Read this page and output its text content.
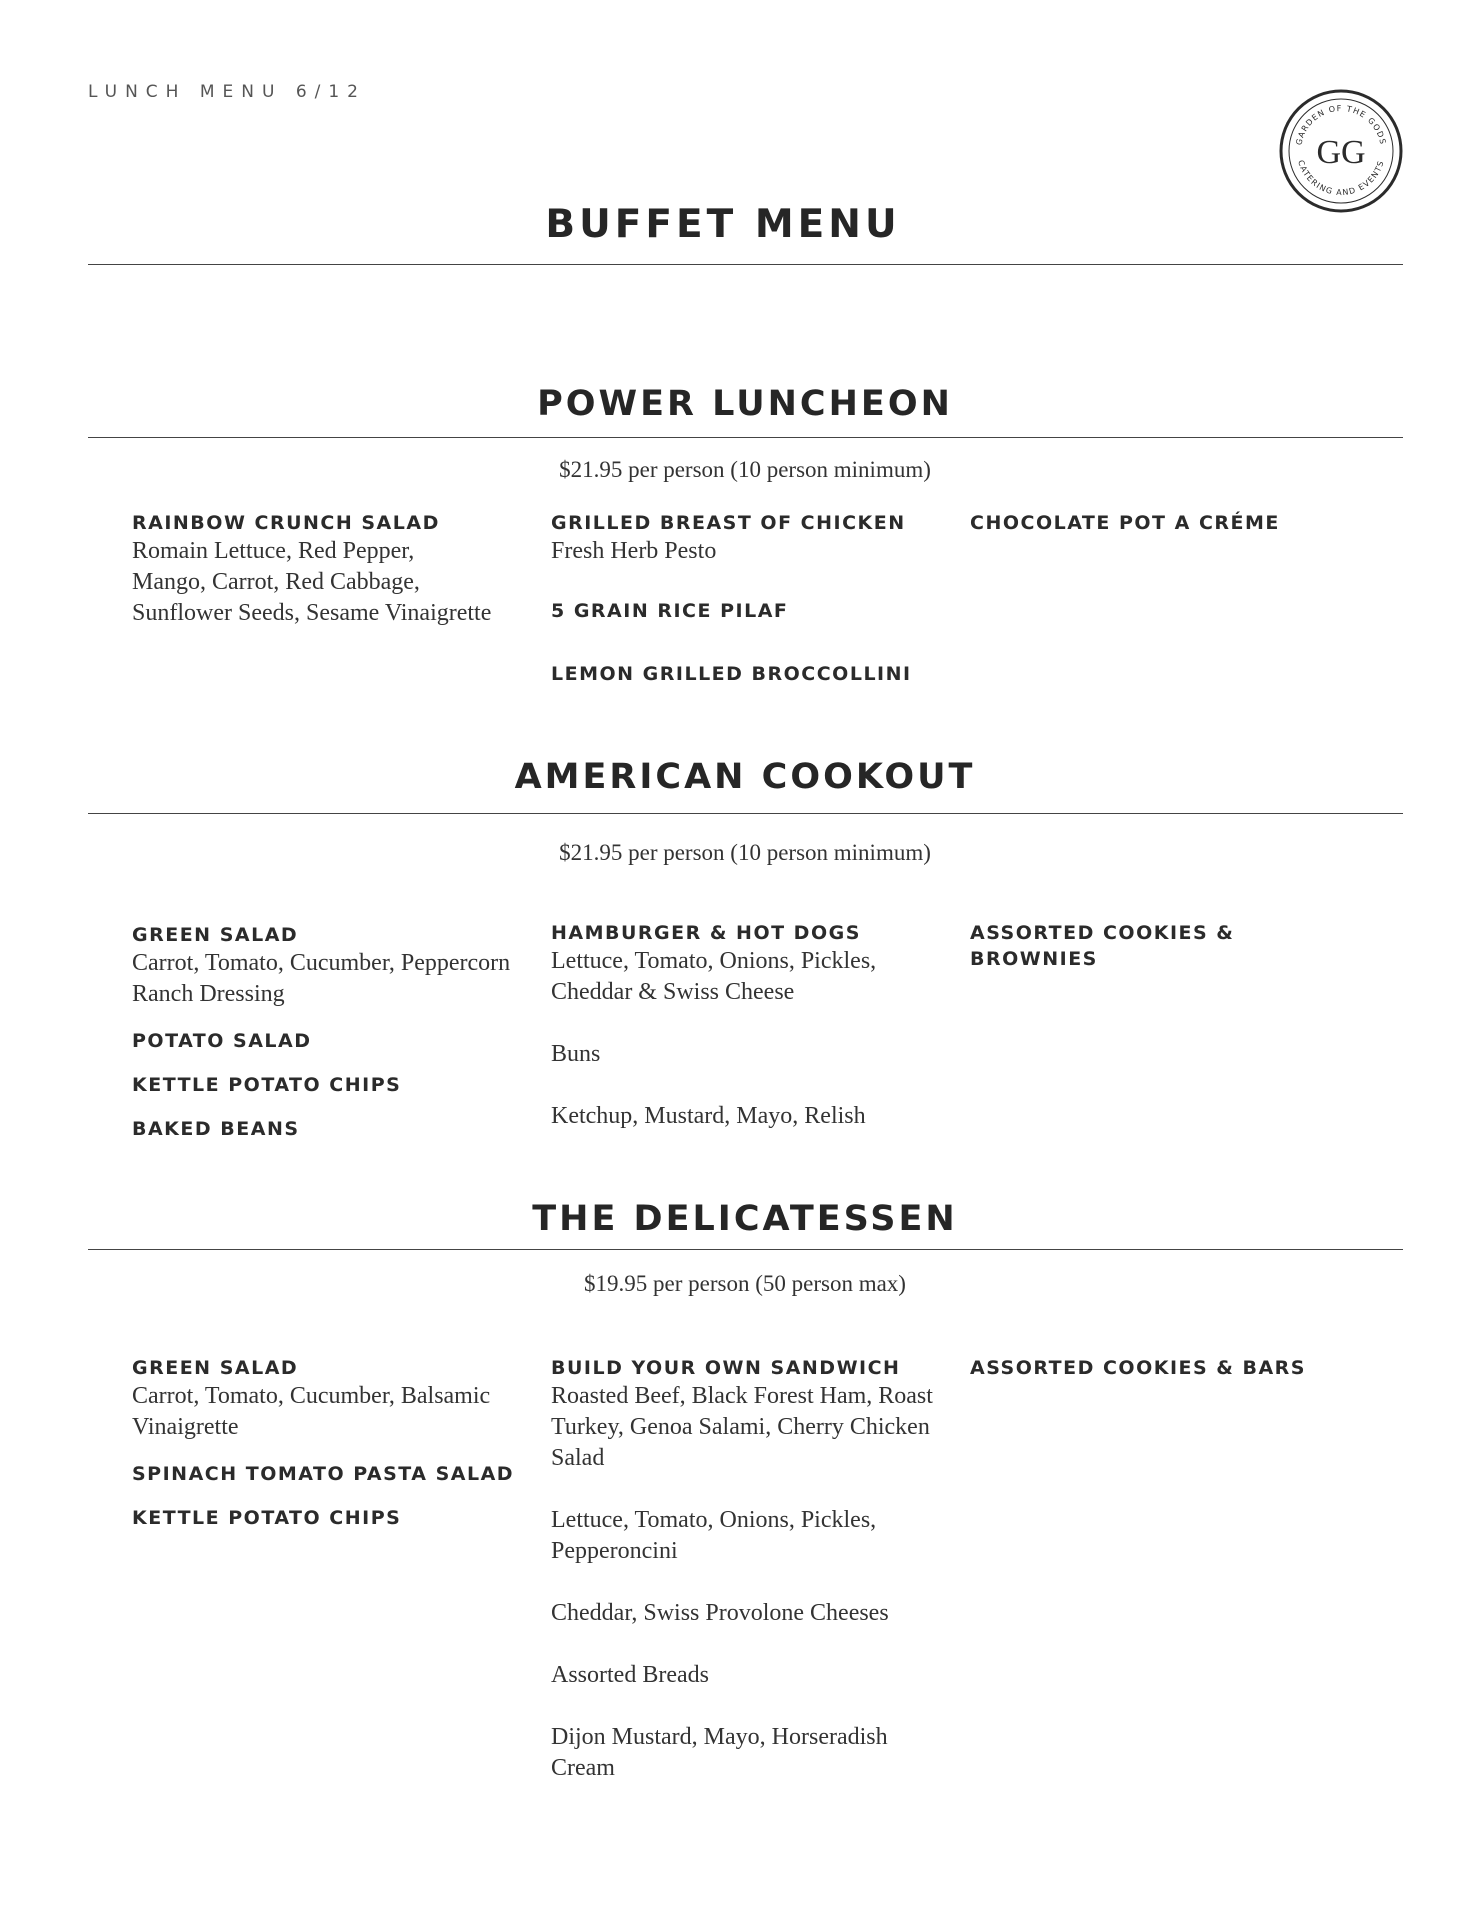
LUNCH MENU 6/12
GARDEN OF THE GODS
CATERING AND EVENTS
GG
BUFFET MENU
POWER LUNCHEON
$21.95 per person (10 person minimum)
RAINBOW CRUNCH SALAD
Romain Lettuce, Red Pepper,
Mango, Carrot, Red Cabbage,
Sunflower Seeds, Sesame Vinaigrette
GRILLED BREAST OF CHICKEN
Fresh Herb Pesto
5 GRAIN RICE PILAF
LEMON GRILLED BROCCOLLINI
CHOCOLATE POT A CRÉME
AMERICAN COOKOUT
$21.95 per person (10 person minimum)
GREEN SALAD
Carrot, Tomato, Cucumber, Peppercorn
Ranch Dressing
POTATO SALAD
KETTLE POTATO CHIPS
BAKED BEANS
HAMBURGER & HOT DOGS
Lettuce, Tomato, Onions, Pickles,
Cheddar & Swiss Cheese
Buns
Ketchup, Mustard, Mayo, Relish
ASSORTED COOKIES & BROWNIES
THE DELICATESSEN
$19.95 per person (50 person max)
GREEN SALAD
Carrot, Tomato, Cucumber, Balsamic
Vinaigrette
SPINACH TOMATO PASTA SALAD
KETTLE POTATO CHIPS
BUILD YOUR OWN SANDWICH
Roasted Beef, Black Forest Ham, Roast
Turkey, Genoa Salami, Cherry Chicken
Salad
Lettuce, Tomato, Onions, Pickles,
Pepperoncini
Cheddar, Swiss Provolone Cheeses
Assorted Breads
Dijon Mustard, Mayo, Horseradish
Cream
ASSORTED COOKIES & BARS
